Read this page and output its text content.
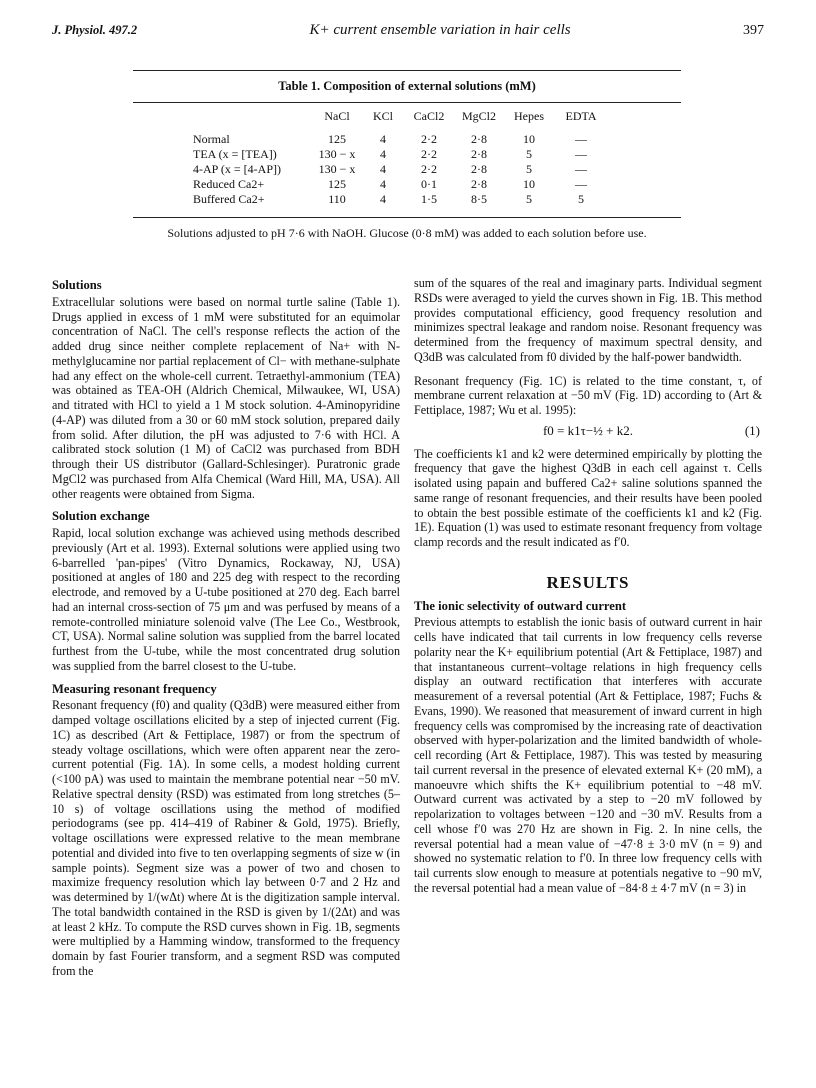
J. Physiol. 497.2	K+ current ensemble variation in hair cells	397
Table 1. Composition of external solutions (mM)
	NaCl	KCl	CaCl2	MgCl2	Hepes	EDTA
Normal	125	4	2·2	2·8	10	—
TEA (x = [TEA])	130 − x	4	2·2	2·8	5	—
4-AP (x = [4-AP])	130 − x	4	2·2	2·8	5	—
Reduced Ca2+	125	4	0·1	2·8	10	—
Buffered Ca2+	110	4	1·5	8·5	5	5
Solutions adjusted to pH 7·6 with NaOH. Glucose (0·8 mM) was added to each solution before use.
Solutions

Extracellular solutions were based on normal turtle saline (Table 1). Drugs applied in excess of 1 mM were substituted for an equimolar concentration of NaCl. The cell's response reflects the action of the added drug since neither complete replacement of Na+ with N-methylglucamine nor partial replacement of Cl− with methane-sulphate had any effect on the whole-cell current. Tetraethyl-ammonium (TEA) was obtained as TEA-OH (Aldrich Chemical, Milwaukee, WI, USA) and titrated with HCl to yield a 1 M stock solution. 4-Aminopyridine (4-AP) was diluted from a 30 or 60 mM stock solution, prepared daily from solid. After dilution, the pH was adjusted to 7·6 with HCl. A calibrated stock solution (1 M) of CaCl2 was purchased from BDH through their US distributor (Gallard-Schlesinger). Puratronic grade MgCl2 was purchased from Alfa Chemical (Ward Hill, MA, USA). All other reagents were obtained from Sigma.

Solution exchange

Rapid, local solution exchange was achieved using methods described previously (Art et al. 1993). External solutions were applied using two 6-barrelled 'pan-pipes' (Vitro Dynamics, Rockaway, NJ, USA) positioned at angles of 180 and 225 deg with respect to the recording electrode, and removed by a U-tube positioned at 270 deg. Each barrel had an internal cross-section of 75 μm and was perfused by means of a remote-controlled miniature solenoid valve (The Lee Co., Westbrook, CT, USA). Normal saline solution was supplied from the barrel located furthest from the U-tube, while the most concentrated drug solution was supplied from the barrel closest to the U-tube.

Measuring resonant frequency

Resonant frequency (f0) and quality (Q3dB) were measured either from damped voltage oscillations elicited by a step of injected current (Fig. 1C) as described (Art & Fettiplace, 1987) or from the spectrum of steady voltage oscillations, which were often apparent near the zero-current potential (Fig. 1A). In some cells, a modest holding current (<100 pA) was used to maintain the membrane potential near −50 mV. Relative spectral density (RSD) was estimated from long stretches (5–10 s) of voltage oscillations using the method of modified periodograms (see pp. 414–419 of Rabiner & Gold, 1975). Briefly, voltage oscillations were expressed relative to the mean membrane potential and divided into five to ten overlapping segments of size w (in sample points). Segment size was a power of two and chosen to maximize frequency resolution which lay between 0·7 and 2 Hz and was determined by 1/(wΔt) where Δt is the digitization sample interval. The total bandwidth contained in the RSD is given by 1/(2Δt) and was at least 2 kHz. To compute the RSD curves shown in Fig. 1B, segments were multiplied by a Hamming window, transformed to the frequency domain by fast Fourier transform, and a segment RSD was computed from the

sum of the squares of the real and imaginary parts. Individual segment RSDs were averaged to yield the curves shown in Fig. 1B. This method provides computational efficiency, good frequency resolution and minimizes spectral leakage and random noise. Resonant frequency was determined from the frequency of maximum spectral density, and Q3dB was calculated from f0 divided by the half-power bandwidth.

Resonant frequency (Fig. 1C) is related to the time constant, τ, of membrane current relaxation at −50 mV (Fig. 1D) according to (Art & Fettiplace, 1987; Wu et al. 1995):

f0 = k1τ−½ + k2.	(1)

The coefficients k1 and k2 were determined empirically by plotting the frequency that gave the highest Q3dB in each cell against τ. Cells isolated using papain and buffered Ca2+ saline solutions spanned the same range of resonant frequencies, and their results have been pooled to obtain the best possible estimate of the coefficients k1 and k2 (Fig. 1E). Equation (1) was used to estimate resonant frequency from voltage clamp records and the result indicated as f′0.

RESULTS
The ionic selectivity of outward current

Previous attempts to establish the ionic basis of outward current in hair cells have indicated that tail currents in low frequency cells reverse polarity near the K+ equilibrium potential (Art & Fettiplace, 1987) and that instantaneous current–voltage relations in high frequency cells display an outward rectification that interferes with accurate measurement of a reversal potential (Art & Fettiplace, 1987; Fuchs & Evans, 1990). We reasoned that measurement of inward current in high frequency cells was compromised by the increasing rate of deactivation observed with hyper-polarization and the limited bandwidth of whole-cell recording (Art & Fettiplace, 1987). This was tested by measuring tail current reversal in the presence of elevated external K+ (20 mM), a manoeuvre which shifts the K+ equilibrium potential to −48 mV. Outward current was activated by a step to −20 mV followed by repolarization to voltages between −120 and −30 mV. Results from a cell whose f′0 was 270 Hz are shown in Fig. 2. In nine cells, the reversal potential had a mean value of −47·8 ± 3·0 mV (n = 9) and showed no systematic relation to f′0. In three low frequency cells with tail currents slow enough to measure at potentials negative to −90 mV, the reversal potential had a mean value of −84·8 ± 4·7 mV (n = 3) in
